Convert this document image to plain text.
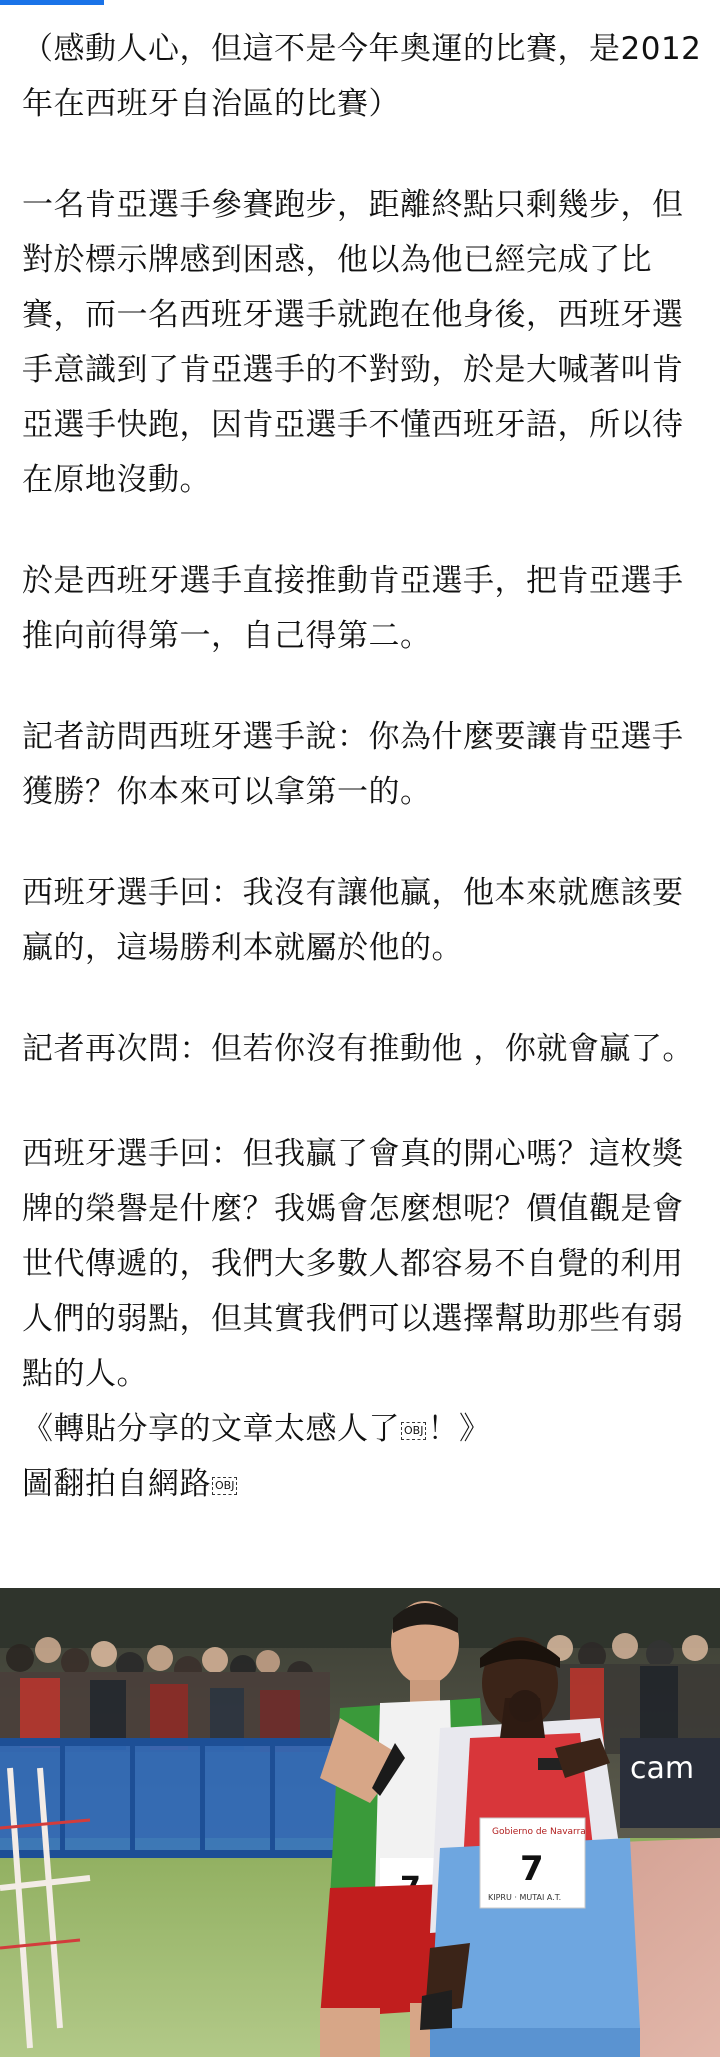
（感動人心，但這不是今年奧運的比賽，是2012年在西班牙自治區的比賽）

一名肯亞選手參賽跑步，距離終點只剩幾步，但對於標示牌感到困惑，他以為他已經完成了比賽，而一名西班牙選手就跑在他身後，西班牙選手意識到了肯亞選手的不對勁，於是大喊著叫肯亞選手快跑，因肯亞選手不懂西班牙語，所以待在原地沒動。

於是西班牙選手直接推動肯亞選手，把肯亞選手推向前得第一，自己得第二。

記者訪問西班牙選手說：你為什麼要讓肯亞選手獲勝？你本來可以拿第一的。

西班牙選手回：我沒有讓他贏，他本來就應該要贏的，這場勝利本就屬於他的。

記者再次問：但若你沒有推動他 ，你就會贏了。

西班牙選手回：但我贏了會真的開心嗎？這枚獎牌的榮譽是什麼？我媽會怎麼想呢？價值觀是會世代傳遞的，我們大多數人都容易不自覺的利用人們的弱點，但其實我們可以選擇幫助那些有弱點的人。

《轉貼分享的文章太感人了 OBJ ！》

圖翻拍自網路 OBJ

cam
Gobierno de Navarra
7
KIPRU · MUTAI A.T.
